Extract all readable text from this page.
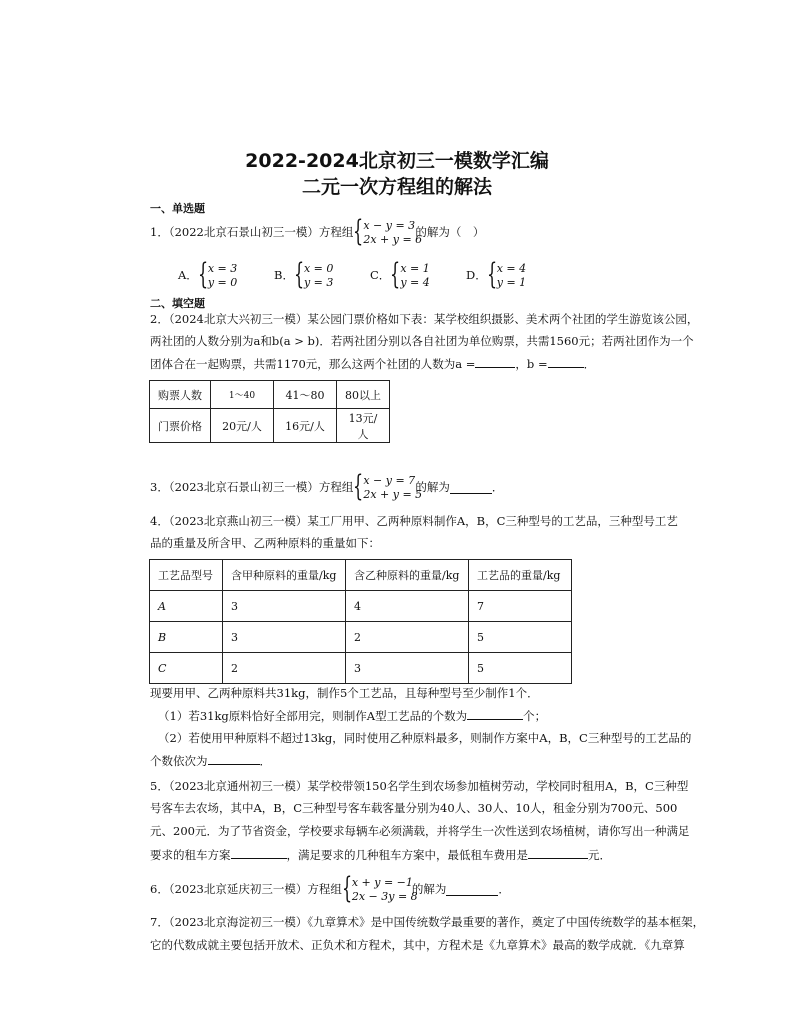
2022-2024北京初三一模数学汇编
二元一次方程组的解法
一、单选题
1．（2022北京石景山初三一模）方程组 { x − y = 3
2x + y = 6
的解为（　）
A． { x = 3
y = 0
B． { x = 0
y = 3
C． { x = 1
y = 4
D． { x = 4
y = 1
二、填空题
2．（2024北京大兴初三一模）某公园门票价格如下表：某学校组织摄影、美术两个社团的学生游览该公园，
两社团的人数分别为a和b(a > b)．若两社团分别以各自社团为单位购票，共需1560元；若两社团作为一个
团体合在一起购票，共需1170元，那么这两个社团的人数为a =	，b =	．
购票人数	1～40	41～80	80以上
门票价格	20元/人	16元/人	13元/人
3．（2023北京石景山初三一模）方程组 { x − y = 7
2x + y = 5
的解为	．
4．（2023北京燕山初三一模）某工厂用甲、乙两种原料制作A，B，C三种型号的工艺品，三种型号工艺
品的重量及所含甲、乙两种原料的重量如下：
工艺品型号	含甲种原料的重量/kg	含乙种原料的重量/kg	工艺品的重量/kg
A	3	4	7
B	3	2	5
C	2	3	5
现要用甲、乙两种原料共31kg，制作5个工艺品，且每种型号至少制作1个．
（1）若31kg原料恰好全部用完，则制作A型工艺品的个数为	个；
（2）若使用甲种原料不超过13kg，同时使用乙种原料最多，则制作方案中A，B，C三种型号的工艺品的
个数依次为	．
5．（2023北京通州初三一模）某学校带领150名学生到农场参加植树劳动，学校同时租用A，B，C三种型
号客车去农场，其中A，B，C三种型号客车载客量分别为40人、30人、10人，租金分别为700元、500
元、200元．为了节省资金，学校要求每辆车必须满载，并将学生一次性送到农场植树，请你写出一种满足
要求的租车方案	，满足要求的几种租车方案中，最低租车费用是	元．
6．（2023北京延庆初三一模）方程组 { x + y = −1
2x − 3y = 8
的解为	．
7．（2023北京海淀初三一模）《九章算术》是中国传统数学最重要的著作，奠定了中国传统数学的基本框架，
它的代数成就主要包括开放术、正负术和方程术，其中，方程术是《九章算术》最高的数学成就．《九章算
